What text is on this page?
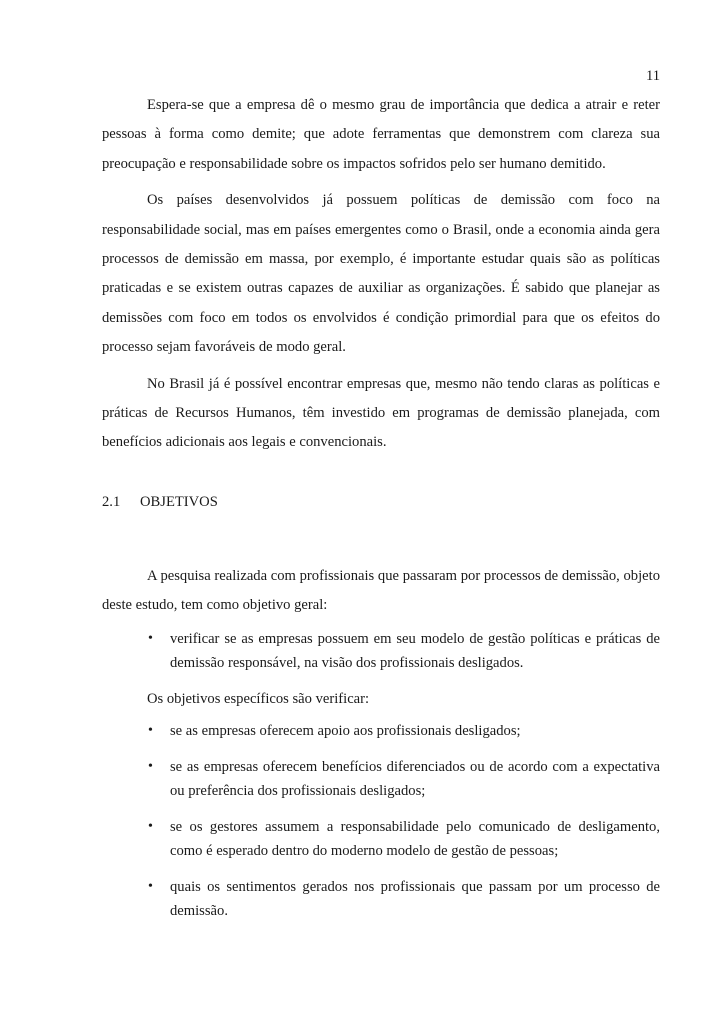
11

Espera-se que a empresa dê o mesmo grau de importância que dedica a atrair e reter pessoas à forma como demite; que adote ferramentas que demonstrem com clareza sua preocupação e responsabilidade sobre os impactos sofridos pelo ser humano demitido.

Os países desenvolvidos já possuem políticas de demissão com foco na responsabilidade social, mas em países emergentes como o Brasil, onde a economia ainda gera processos de demissão em massa, por exemplo, é importante estudar quais são as políticas praticadas e se existem outras capazes de auxiliar as organizações. É sabido que planejar as demissões com foco em todos os envolvidos é condição primordial para que os efeitos do processo sejam favoráveis de modo geral.

No Brasil já é possível encontrar empresas que, mesmo não tendo claras as políticas e práticas de Recursos Humanos, têm investido em programas de demissão planejada, com benefícios adicionais aos legais e convencionais.

2.1	OBJETIVOS

A pesquisa realizada com profissionais que passaram por processos de demissão, objeto deste estudo, tem como objetivo geral:

• verificar se as empresas possuem em seu modelo de gestão políticas e práticas de demissão responsável, na visão dos profissionais desligados.
Os objetivos específicos são verificar:
• se as empresas oferecem apoio aos profissionais desligados;
• se as empresas oferecem benefícios diferenciados ou de acordo com a expectativa ou preferência dos profissionais desligados;
• se os gestores assumem a responsabilidade pelo comunicado de desligamento, como é esperado dentro do moderno modelo de gestão de pessoas;
• quais os sentimentos gerados nos profissionais que passam por um processo de demissão.
